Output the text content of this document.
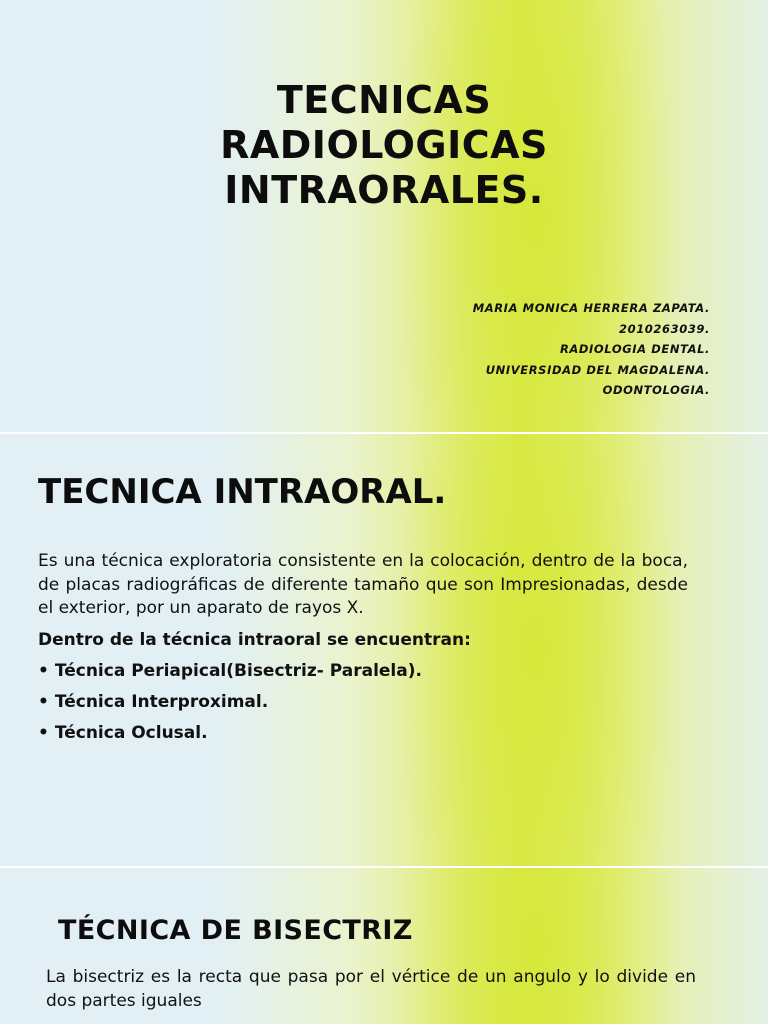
TECNICAS
RADIOLOGICAS
INTRAORALES.
MARIA MONICA HERRERA ZAPATA.
2010263039.
RADIOLOGIA DENTAL.
UNIVERSIDAD DEL MAGDALENA.
ODONTOLOGIA.
TECNICA INTRAORAL.
Es una técnica exploratoria consistente en la colocación, dentro de la boca, de placas radiográficas de diferente tamaño que son Impresionadas, desde el exterior, por un aparato de rayos X.
Dentro de la técnica intraoral se encuentran:
• Técnica Periapical(Bisectriz- Paralela).
• Técnica Interproximal.
• Técnica Oclusal.
TÉCNICA DE BISECTRIZ
La bisectriz es la recta que pasa por el vértice de un angulo y lo divide en dos partes iguales
